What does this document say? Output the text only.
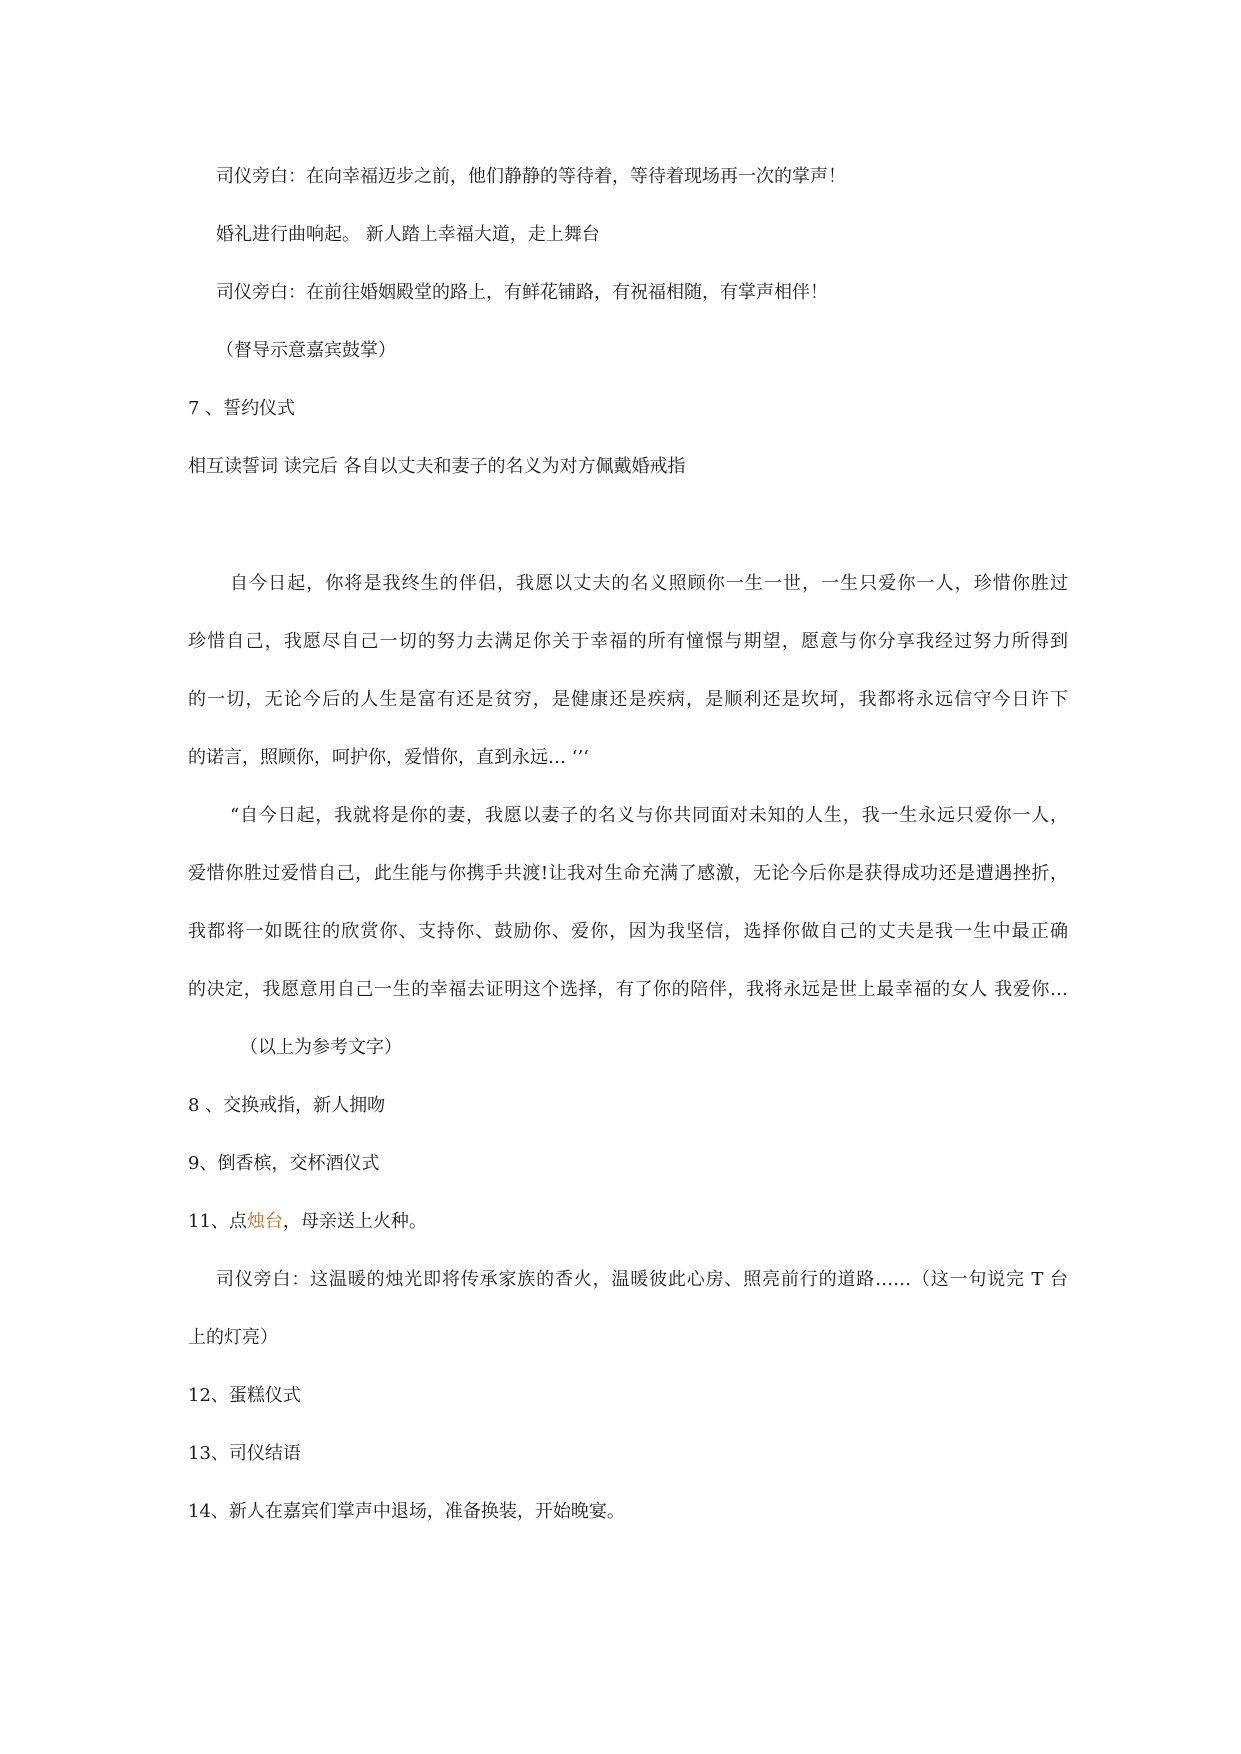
司仪旁白：在向幸福迈步之前，他们静静的等待着，等待着现场再一次的掌声！
婚礼进行曲响起。 新人踏上幸福大道，走上舞台
司仪旁白：在前往婚姻殿堂的路上，有鲜花铺路，有祝福相随，有掌声相伴！
（督导示意嘉宾鼓掌）
7 、誓约仪式
相互读誓词 读完后 各自以丈夫和妻子的名义为对方佩戴婚戒指
自今日起，你将是我终生的伴侣，我愿以丈夫的名义照顾你一生一世，一生只爱你一人，珍惜你胜过
珍惜自己，我愿尽自己一切的努力去满足你关于幸福的所有憧憬与期望，愿意与你分享我经过努力所得到
的一切，无论今后的人生是富有还是贫穷，是健康还是疾病，是顺利还是坎坷，我都将永远信守今日许下
的诺言，照顾你，呵护你，爱惜你，直到永远… ‘’‘
“自今日起，我就将是你的妻，我愿以妻子的名义与你共同面对未知的人生，我一生永远只爱你一人，
爱惜你胜过爱惜自己，此生能与你携手共渡!让我对生命充满了感激，无论今后你是获得成功还是遭遇挫折，
我都将一如既往的欣赏你、支持你、鼓励你、爱你，因为我坚信，选择你做自己的丈夫是我一生中最正确
的决定，我愿意用自己一生的幸福去证明这个选择，有了你的陪伴，我将永远是世上最幸福的女人 我爱你…
（以上为参考文字）
8 、交换戒指，新人拥吻
9、倒香槟，交杯酒仪式
11、点烛台，母亲送上火种。
司仪旁白：这温暖的烛光即将传承家族的香火，温暖彼此心房、照亮前行的道路……（这一句说完 T 台
上的灯亮）
12、蛋糕仪式
13、司仪结语
14、新人在嘉宾们掌声中退场，准备换装，开始晚宴。
